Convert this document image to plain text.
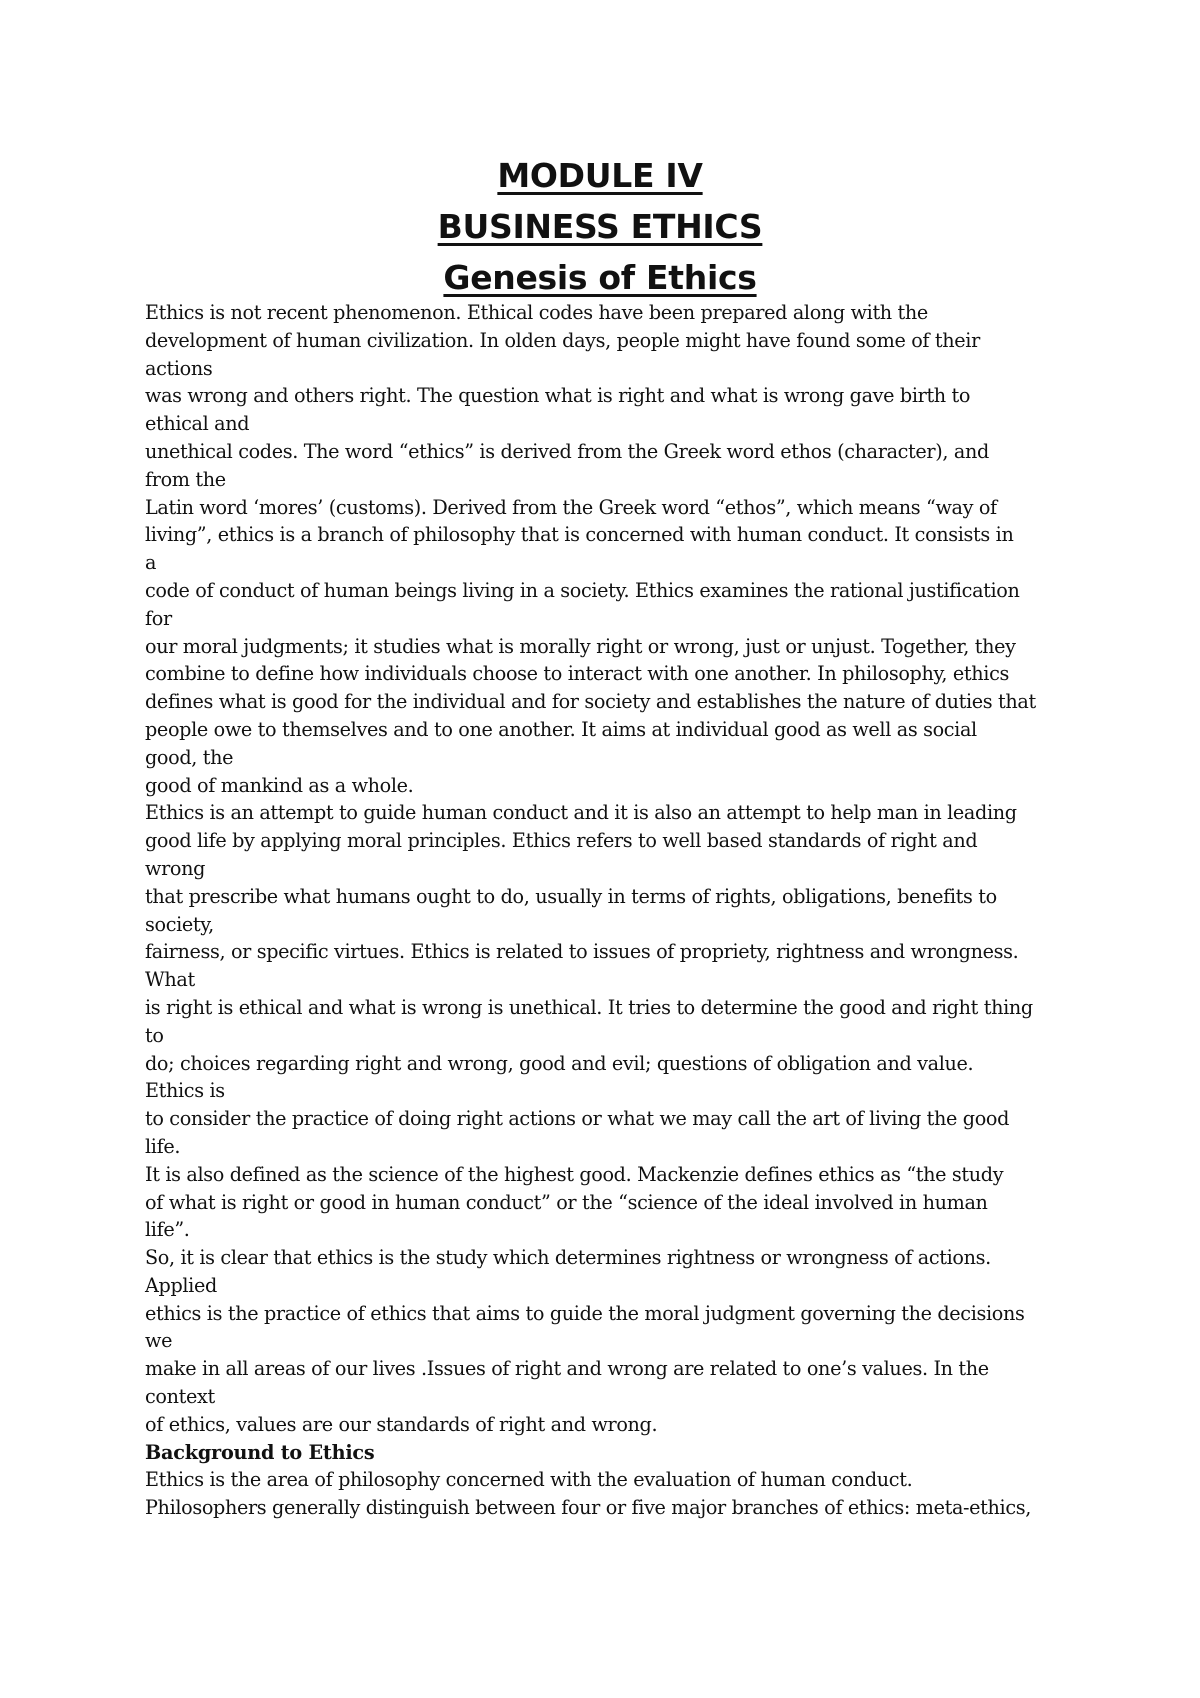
MODULE IV

BUSINESS ETHICS

Genesis of Ethics

Ethics is not recent phenomenon. Ethical codes have been prepared along with the
development of human civilization. In olden days, people might have found some of their
actions
was wrong and others right. The question what is right and what is wrong gave birth to
ethical and
unethical codes. The word “ethics” is derived from the Greek word ethos (character), and
from the
Latin word ‘mores’ (customs). Derived from the Greek word “ethos”, which means “way of
living”, ethics is a branch of philosophy that is concerned with human conduct. It consists in
a
code of conduct of human beings living in a society. Ethics examines the rational justification
for
our moral judgments; it studies what is morally right or wrong, just or unjust. Together, they
combine to define how individuals choose to interact with one another. In philosophy, ethics
defines what is good for the individual and for society and establishes the nature of duties that
people owe to themselves and to one another. It aims at individual good as well as social
good, the
good of mankind as a whole.
Ethics is an attempt to guide human conduct and it is also an attempt to help man in leading
good life by applying moral principles. Ethics refers to well based standards of right and
wrong
that prescribe what humans ought to do, usually in terms of rights, obligations, benefits to
society,
fairness, or specific virtues. Ethics is related to issues of propriety, rightness and wrongness.
What
is right is ethical and what is wrong is unethical. It tries to determine the good and right thing
to
do; choices regarding right and wrong, good and evil; questions of obligation and value.
Ethics is
to consider the practice of doing right actions or what we may call the art of living the good
life.
It is also defined as the science of the highest good. Mackenzie defines ethics as “the study
of what is right or good in human conduct” or the “science of the ideal involved in human
life”.
So, it is clear that ethics is the study which determines rightness or wrongness of actions.
Applied
ethics is the practice of ethics that aims to guide the moral judgment governing the decisions
we
make in all areas of our lives .Issues of right and wrong are related to one’s values. In the
context
of ethics, values are our standards of right and wrong.
Background to Ethics
Ethics is the area of philosophy concerned with the evaluation of human conduct.
Philosophers generally distinguish between four or five major branches of ethics: meta-ethics,
